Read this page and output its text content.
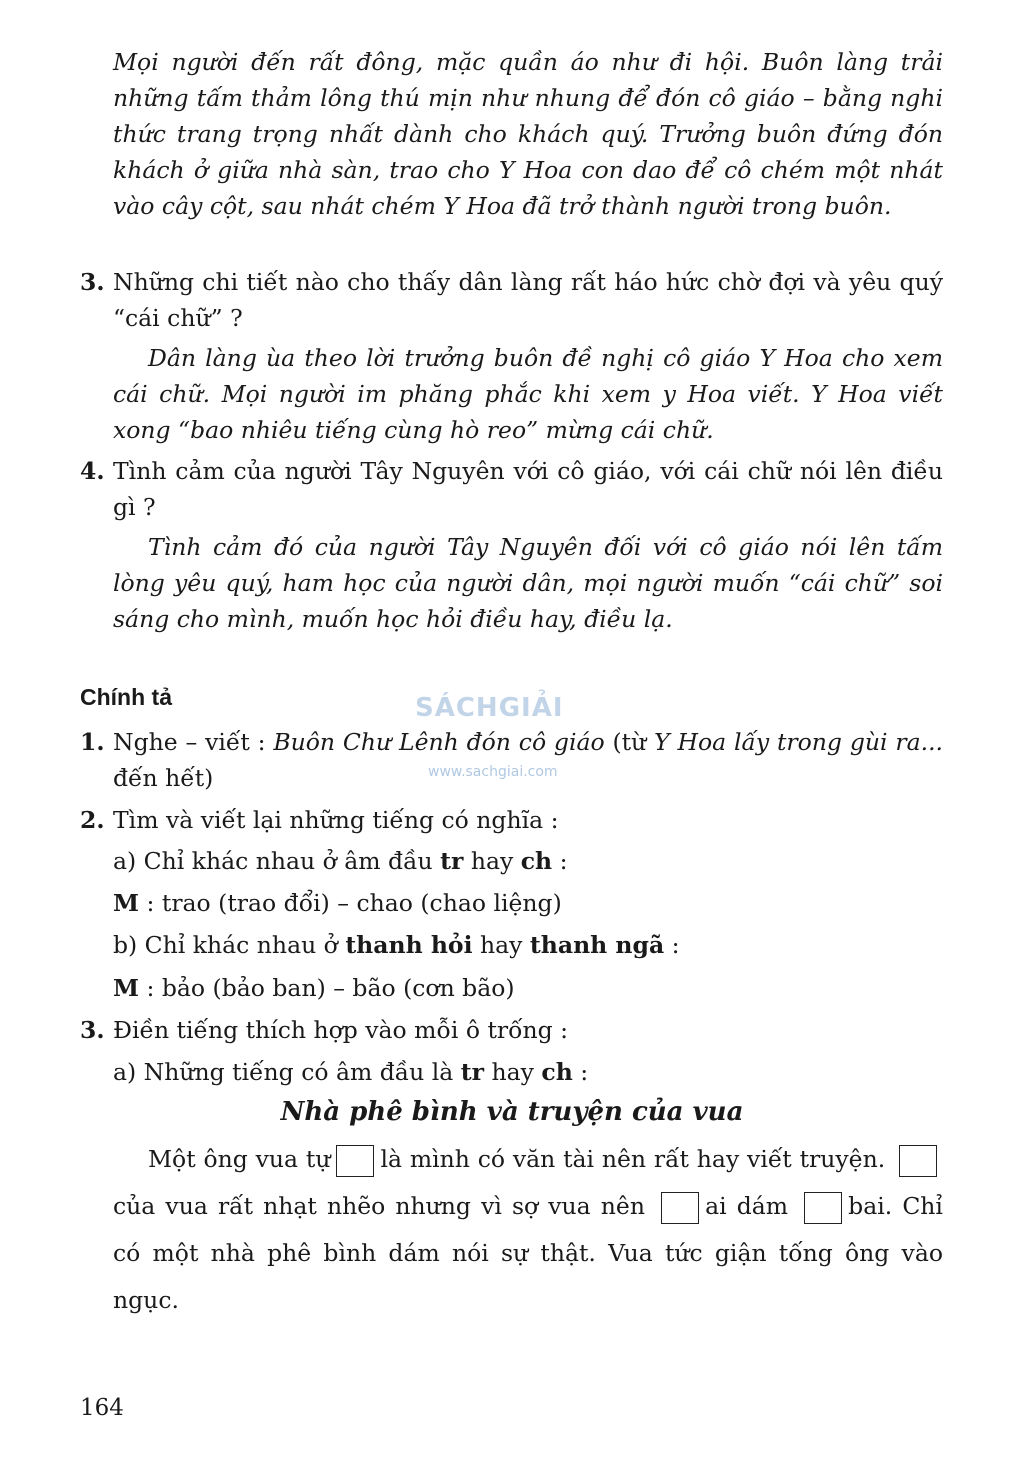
Mọi người đến rất đông, mặc quần áo như đi hội. Buôn làng trải những tấm thảm lông thú mịn như nhung để đón cô giáo – bằng nghi thức trang trọng nhất dành cho khách quý. Trưởng buôn đứng đón khách ở giữa nhà sàn, trao cho Y Hoa con dao để cô chém một nhát vào cây cột, sau nhát chém Y Hoa đã trở thành người trong buôn.
3. Những chi tiết nào cho thấy dân làng rất háo hức chờ đợi và yêu quý “cái chữ” ?
Dân làng ùa theo lời trưởng buôn đề nghị cô giáo Y Hoa cho xem cái chữ. Mọi người im phăng phắc khi xem y Hoa viết. Y Hoa viết xong “bao nhiêu tiếng cùng hò reo” mừng cái chữ.
4. Tình cảm của người Tây Nguyên với cô giáo, với cái chữ nói lên điều gì ?
Tình cảm đó của người Tây Nguyên đối với cô giáo nói lên tấm lòng yêu quý, ham học của người dân, mọi người muốn “cái chữ” soi sáng cho mình, muốn học hỏi điều hay, điều lạ.
Chính tả	SÁCHGIẢI
www.sachgiai.com
1. Nghe – viết : Buôn Chư Lênh đón cô giáo (từ Y Hoa lấy trong gùi ra... đến hết)
2. Tìm và viết lại những tiếng có nghĩa :
a) Chỉ khác nhau ở âm đầu tr hay ch :
M : trao (trao đổi) – chao (chao liệng)
b) Chỉ khác nhau ở thanh hỏi hay thanh ngã :
M : bảo (bảo ban) – bão (cơn bão)
3. Điền tiếng thích hợp vào mỗi ô trống :
a) Những tiếng có âm đầu là tr hay ch :
Nhà phê bình và truyện của vua
Một ông vua tự là mình có văn tài nên rất hay viết truyện. của vua rất nhạt nhẽo nhưng vì sợ vua nên	ai dám	bai. Chỉ có một nhà phê bình dám nói sự thật. Vua tức giận tống ông vào ngục.
164
